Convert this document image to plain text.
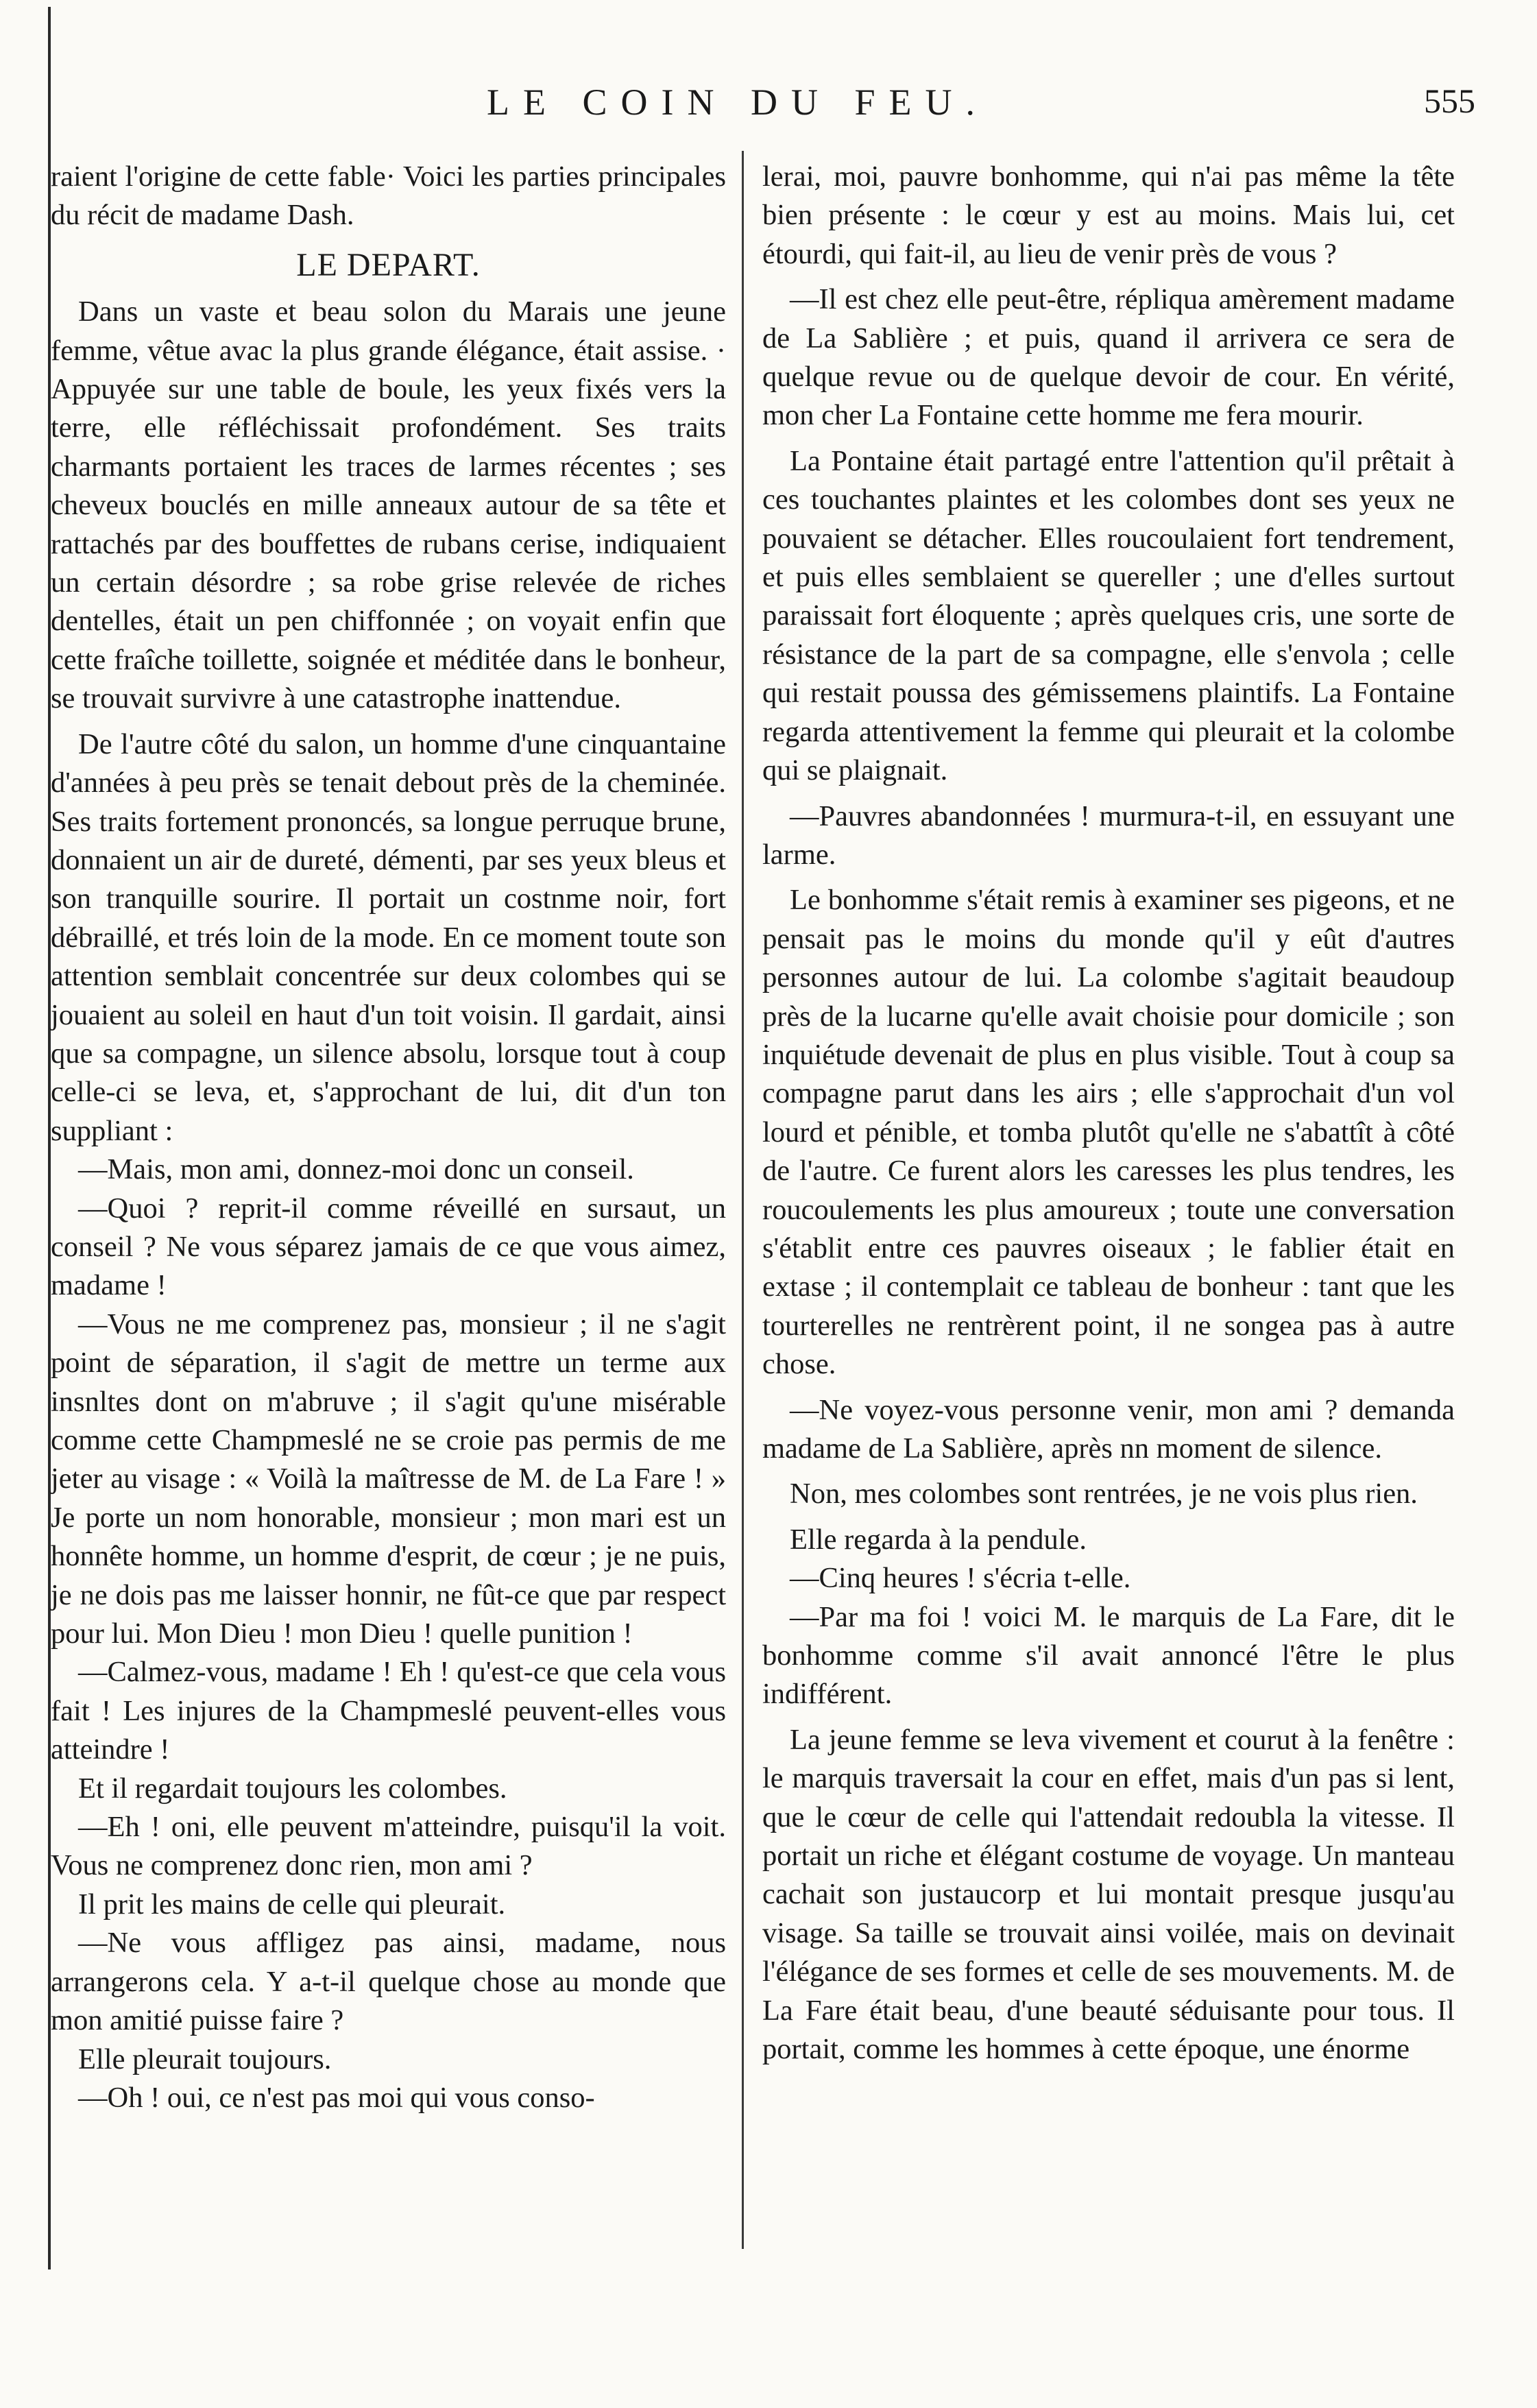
LE COIN DU FEU.	555

raient l'origine de cette fable· Voici les parties principales du récit de madame Dash.

LE DEPART.

Dans un vaste et beau solon du Marais une jeune femme, vêtue avac la plus grande élégance, était assise. · Appuyée sur une table de boule, les yeux fixés vers la terre, elle réfléchissait profondément. Ses traits charmants portaient les traces de larmes récentes ; ses cheveux bouclés en mille anneaux autour de sa tête et rattachés par des bouffettes de rubans cerise, indiquaient un certain désordre ; sa robe grise relevée de riches dentelles, était un pen chiffonnée ; on voyait enfin que cette fraîche toillette, soignée et méditée dans le bonheur, se trouvait survivre à une catastrophe inattendue.

De l'autre côté du salon, un homme d'une cinquantaine d'années à peu près se tenait debout près de la cheminée. Ses traits fortement prononcés, sa longue perruque brune, donnaient un air de dureté, démenti, par ses yeux bleus et son tranquille sourire. Il portait un costnme noir, fort débraillé, et trés loin de la mode. En ce moment toute son attention semblait concentrée sur deux colombes qui se jouaient au soleil en haut d'un toit voisin. Il gardait, ainsi que sa compagne, un silence absolu, lorsque tout à coup celle-ci se leva, et, s'approchant de lui, dit d'un ton suppliant :

—Mais, mon ami, donnez-moi donc un conseil.

—Quoi ? reprit-il comme réveillé en sursaut, un conseil ? Ne vous séparez jamais de ce que vous aimez, madame !

—Vous ne me comprenez pas, monsieur ; il ne s'agit point de séparation, il s'agit de mettre un terme aux insnltes dont on m'abruve ; il s'agit qu'une misérable comme cette Champmeslé ne se croie pas permis de me jeter au visage : « Voilà la maîtresse de M. de La Fare ! » Je porte un nom honorable, monsieur ; mon mari est un honnête homme, un homme d'esprit, de cœur ; je ne puis, je ne dois pas me laisser honnir, ne fût-ce que par respect pour lui. Mon Dieu ! mon Dieu ! quelle punition !

—Calmez-vous, madame ! Eh ! qu'est-ce que cela vous fait ! Les injures de la Champmeslé peuvent-elles vous atteindre !

Et il regardait toujours les colombes.

—Eh ! oni, elle peuvent m'atteindre, puisqu'il la voit. Vous ne comprenez donc rien, mon ami ?

Il prit les mains de celle qui pleurait.

—Ne vous affligez pas ainsi, madame, nous arrangerons cela. Y a-t-il quelque chose au monde que mon amitié puisse faire ?

Elle pleurait toujours.

—Oh ! oui, ce n'est pas moi qui vous conso-

lerai, moi, pauvre bonhomme, qui n'ai pas même la tête bien présente : le cœur y est au moins. Mais lui, cet étourdi, qui fait-il, au lieu de venir près de vous ?

—Il est chez elle peut-être, répliqua amèrement madame de La Sablière ; et puis, quand il arrivera ce sera de quelque revue ou de quelque devoir de cour. En vérité, mon cher La Fontaine cette homme me fera mourir.

La Pontaine était partagé entre l'attention qu'il prêtait à ces touchantes plaintes et les colombes dont ses yeux ne pouvaient se détacher. Elles roucoulaient fort tendrement, et puis elles semblaient se quereller ; une d'elles surtout paraissait fort éloquente ; après quelques cris, une sorte de résistance de la part de sa compagne, elle s'envola ; celle qui restait poussa des gémissemens plaintifs. La Fontaine regarda attentivement la femme qui pleurait et la colombe qui se plaignait.

—Pauvres abandonnées ! murmura-t-il, en essuyant une larme.

Le bonhomme s'était remis à examiner ses pigeons, et ne pensait pas le moins du monde qu'il y eût d'autres personnes autour de lui. La colombe s'agitait beaudoup près de la lucarne qu'elle avait choisie pour domicile ; son inquiétude devenait de plus en plus visible. Tout à coup sa compagne parut dans les airs ; elle s'approchait d'un vol lourd et pénible, et tomba plutôt qu'elle ne s'abattît à côté de l'autre. Ce furent alors les caresses les plus tendres, les roucoulements les plus amoureux ; toute une conversation s'établit entre ces pauvres oiseaux ; le fablier était en extase ; il contemplait ce tableau de bonheur : tant que les tourterelles ne rentrèrent point, il ne songea pas à autre chose.

—Ne voyez-vous personne venir, mon ami ? demanda madame de La Sablière, après nn moment de silence.

Non, mes colombes sont rentrées, je ne vois plus rien.

Elle regarda à la pendule.

—Cinq heures ! s'écria t-elle.

—Par ma foi ! voici M. le marquis de La Fare, dit le bonhomme comme s'il avait annoncé l'être le plus indifférent.

La jeune femme se leva vivement et courut à la fenêtre : le marquis traversait la cour en effet, mais d'un pas si lent, que le cœur de celle qui l'attendait redoubla la vitesse. Il portait un riche et élégant costume de voyage. Un manteau cachait son justaucorp et lui montait presque jusqu'au visage. Sa taille se trouvait ainsi voilée, mais on devinait l'élégance de ses formes et celle de ses mouvements. M. de La Fare était beau, d'une beauté séduisante pour tous. Il portait, comme les hommes à cette époque, une énorme
